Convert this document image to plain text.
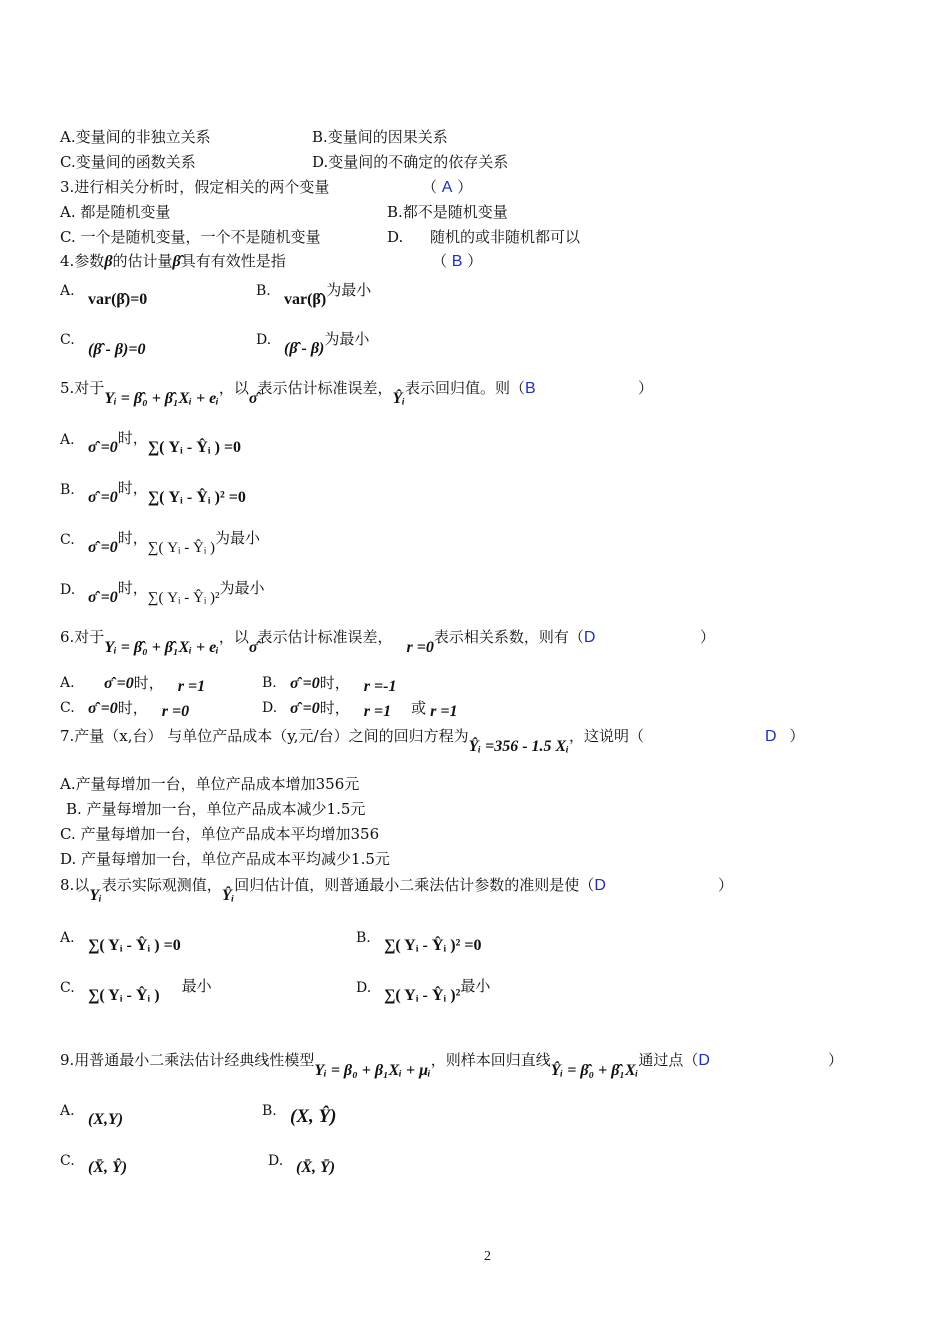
A.变量间的非独立关系	B.变量间的因果关系
C.变量间的函数关系	D.变量间的不确定的依存关系
3.进行相关分析时，假定相关的两个变量	（ A ）
A. 都是随机变量	B.都不是随机变量
C. 一个是随机变量，一个不是随机变量	D. 随机的或非随机都可以
4.参数β的估计量β̂具有有效性是指	（ B ）
A. var(β̂)=0	B. var(β̂)为最小
C.
(β̂ - β)=0
D. (β̂ - β)为最小
5.对于Yᵢ = β̂₀ + β̂₁Xᵢ + eᵢ，以σ̂表示估计标准误差，Ŷᵢ表示回归值。则（B	）
A. σ̂ =0时，∑( Yᵢ - Ŷᵢ ) =0
B. σ̂ =0时，∑( Yᵢ - Ŷᵢ )² =0
C. σ̂ =0时，∑( Yᵢ - Ŷᵢ )为最小
D. σ̂ =0时，∑( Yᵢ - Ŷᵢ )²为最小
6.对于Yᵢ = β̂₀ + β̂₁Xᵢ + eᵢ，以σ̂表示估计标准误差，r =0表示相关系数，则有（D	）
A. σ̂ =0时， r =1	B. σ̂ =0时， r =-1
C. σ̂ =0时， r =0	D. σ̂ =0时， r =1 或 r =1
7.产量（x,台） 与单位产品成本（y,元/台）之间的回归方程为Ŷᵢ =356 - 1.5 Xᵢ，这说明（	D ）
A.产量每增加一台，单位产品成本增加356元
B. 产量每增加一台，单位产品成本减少1.5元
C. 产量每增加一台，单位产品成本平均增加356
D. 产量每增加一台，单位产品成本平均减少1.5元
8.以Yᵢ表示实际观测值，Ŷᵢ回归估计值，则普通最小二乘法估计参数的准则是使（D	）
A. ∑( Yᵢ - Ŷᵢ ) =0	B. ∑( Yᵢ - Ŷᵢ )² =0
C. ∑( Yᵢ - Ŷᵢ )最小	D. ∑( Yᵢ - Ŷᵢ )²最小
9.用普通最小二乘法估计经典线性模型Yᵢ = β₀ + β₁Xᵢ + μᵢ，则样本回归直线Ŷᵢ = β̂₀ + β̂₁Xᵢ通过点（D	）
A. (X,Y)	B. (X, Ŷ)
C. (X̄, Ŷ)	D. (X̄, Ȳ)
2
